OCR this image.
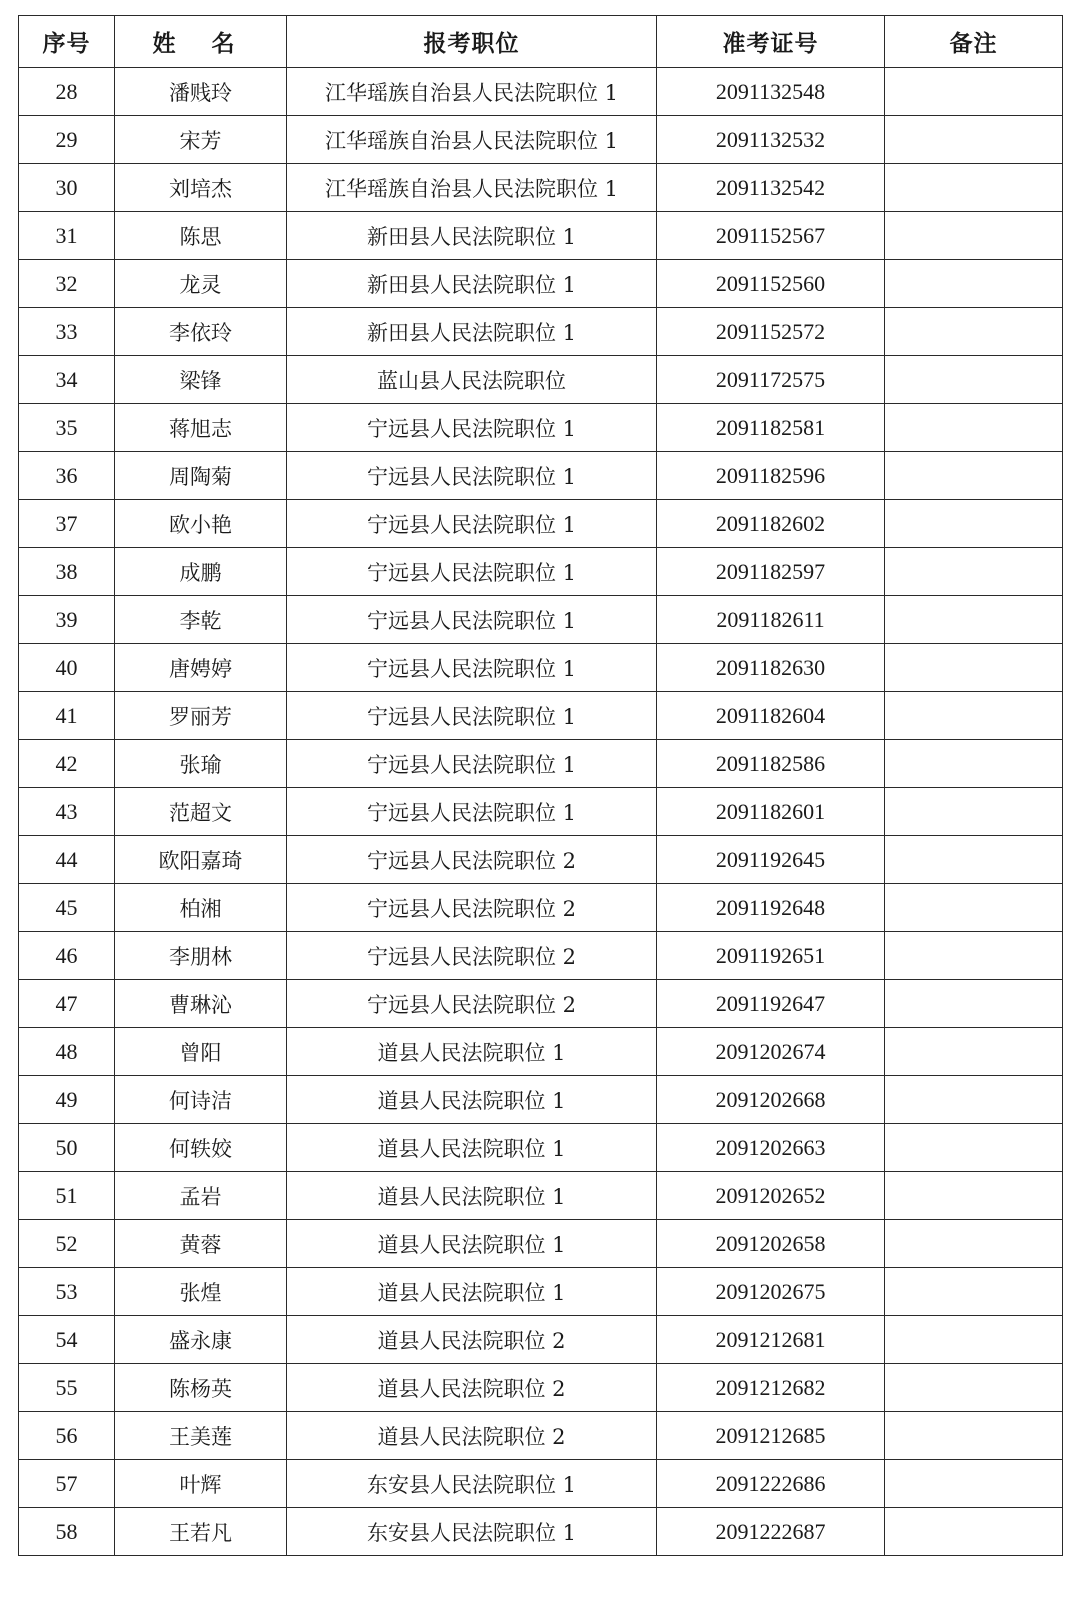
序号	姓 名	报考职位	准考证号	备注
28	潘贱玲	江华瑶族自治县人民法院职位 1	2091132548	
29	宋芳	江华瑶族自治县人民法院职位 1	2091132532	
30	刘培杰	江华瑶族自治县人民法院职位 1	2091132542	
31	陈思	新田县人民法院职位 1	2091152567	
32	龙灵	新田县人民法院职位 1	2091152560	
33	李依玲	新田县人民法院职位 1	2091152572	
34	梁锋	蓝山县人民法院职位	2091172575	
35	蒋旭志	宁远县人民法院职位 1	2091182581	
36	周陶菊	宁远县人民法院职位 1	2091182596	
37	欧小艳	宁远县人民法院职位 1	2091182602	
38	成鹏	宁远县人民法院职位 1	2091182597	
39	李乾	宁远县人民法院职位 1	2091182611	
40	唐娉婷	宁远县人民法院职位 1	2091182630	
41	罗丽芳	宁远县人民法院职位 1	2091182604	
42	张瑜	宁远县人民法院职位 1	2091182586	
43	范超文	宁远县人民法院职位 1	2091182601	
44	欧阳嘉琦	宁远县人民法院职位 2	2091192645	
45	柏湘	宁远县人民法院职位 2	2091192648	
46	李朋林	宁远县人民法院职位 2	2091192651	
47	曹琳沁	宁远县人民法院职位 2	2091192647	
48	曾阳	道县人民法院职位 1	2091202674	
49	何诗洁	道县人民法院职位 1	2091202668	
50	何轶姣	道县人民法院职位 1	2091202663	
51	孟岩	道县人民法院职位 1	2091202652	
52	黄蓉	道县人民法院职位 1	2091202658	
53	张煌	道县人民法院职位 1	2091202675	
54	盛永康	道县人民法院职位 2	2091212681	
55	陈杨英	道县人民法院职位 2	2091212682	
56	王美莲	道县人民法院职位 2	2091212685	
57	叶辉	东安县人民法院职位 1	2091222686	
58	王若凡	东安县人民法院职位 1	2091222687	
